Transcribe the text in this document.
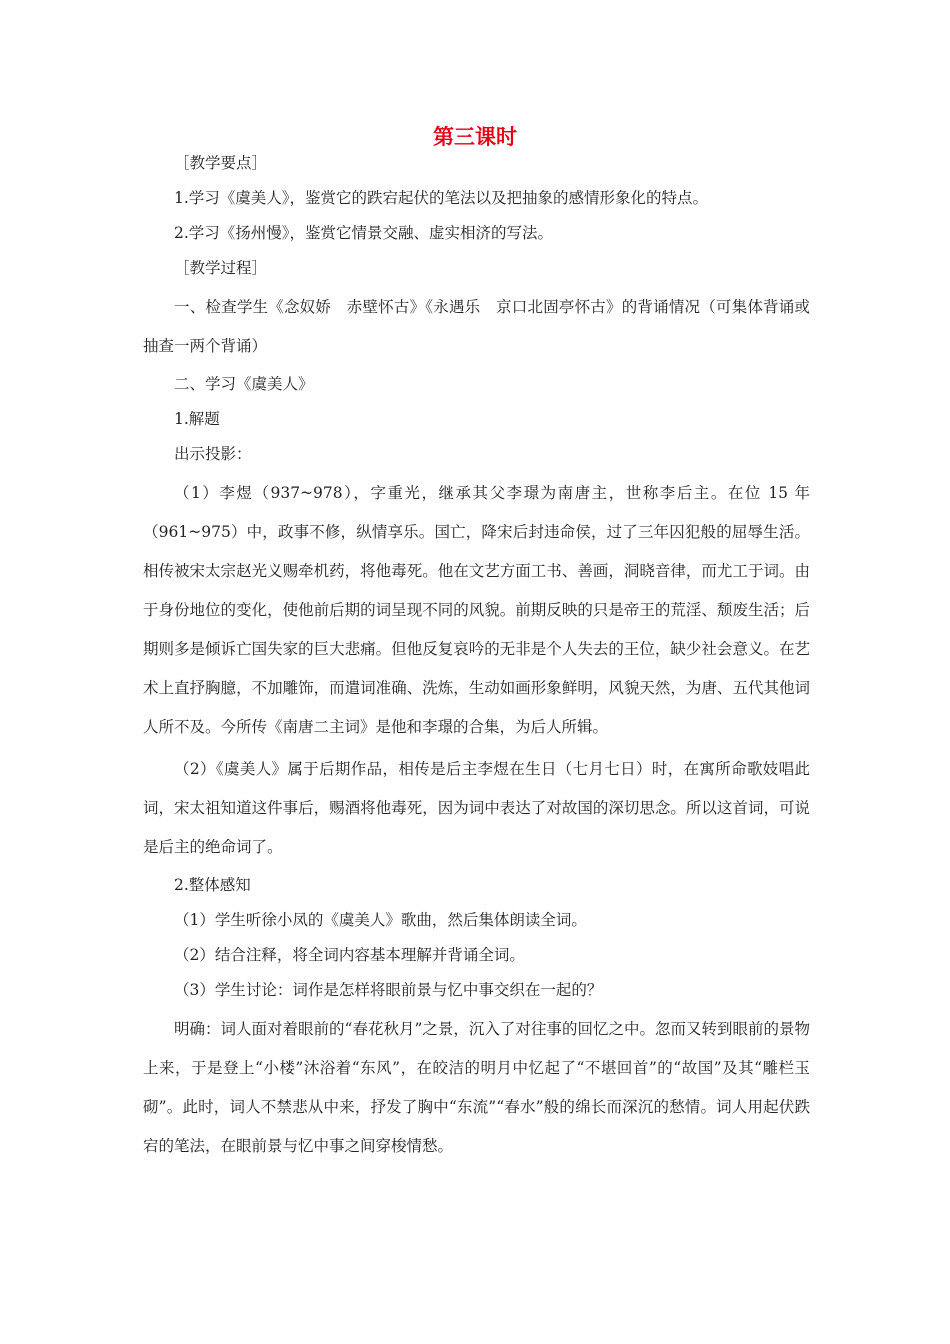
第三课时

［教学要点］

1.学习《虞美人》，鉴赏它的跌宕起伏的笔法以及把抽象的感情形象化的特点。

2.学习《扬州慢》，鉴赏它情景交融、虚实相济的写法。

［教学过程］

一、检查学生《念奴娇　赤壁怀古》《永遇乐　京口北固亭怀古》的背诵情况（可集体背诵或抽查一两个背诵）

二、学习《虞美人》

1.解题

出示投影：

（1）李煜（937~978），字重光，继承其父李璟为南唐主，世称李后主。在位 15 年（961~975）中，政事不修，纵情享乐。国亡，降宋后封违命侯，过了三年囚犯般的屈辱生活。相传被宋太宗赵光义赐牵机药，将他毒死。他在文艺方面工书、善画，洞晓音律，而尤工于词。由于身份地位的变化，使他前后期的词呈现不同的风貌。前期反映的只是帝王的荒淫、颓废生活；后期则多是倾诉亡国失家的巨大悲痛。但他反复哀吟的无非是个人失去的王位，缺少社会意义。在艺术上直抒胸臆，不加雕饰，而遣词准确、洗炼，生动如画形象鲜明，风貌天然，为唐、五代其他词人所不及。今所传《南唐二主词》是他和李璟的合集，为后人所辑。

（2）《虞美人》属于后期作品，相传是后主李煜在生日（七月七日）时，在寓所命歌妓唱此词，宋太祖知道这件事后，赐酒将他毒死，因为词中表达了对故国的深切思念。所以这首词，可说是后主的绝命词了。

2.整体感知

（1）学生听徐小凤的《虞美人》歌曲，然后集体朗读全词。

（2）结合注释，将全词内容基本理解并背诵全词。

（3）学生讨论：词作是怎样将眼前景与忆中事交织在一起的？

明确：词人面对着眼前的“春花秋月”之景，沉入了对往事的回忆之中。忽而又转到眼前的景物上来，于是登上“小楼”沐浴着“东风”，在皎洁的明月中忆起了“不堪回首”的“故国”及其“雕栏玉砌”。此时，词人不禁悲从中来，抒发了胸中“东流”“春水”般的绵长而深沉的愁情。词人用起伏跌宕的笔法，在眼前景与忆中事之间穿梭情愁。
